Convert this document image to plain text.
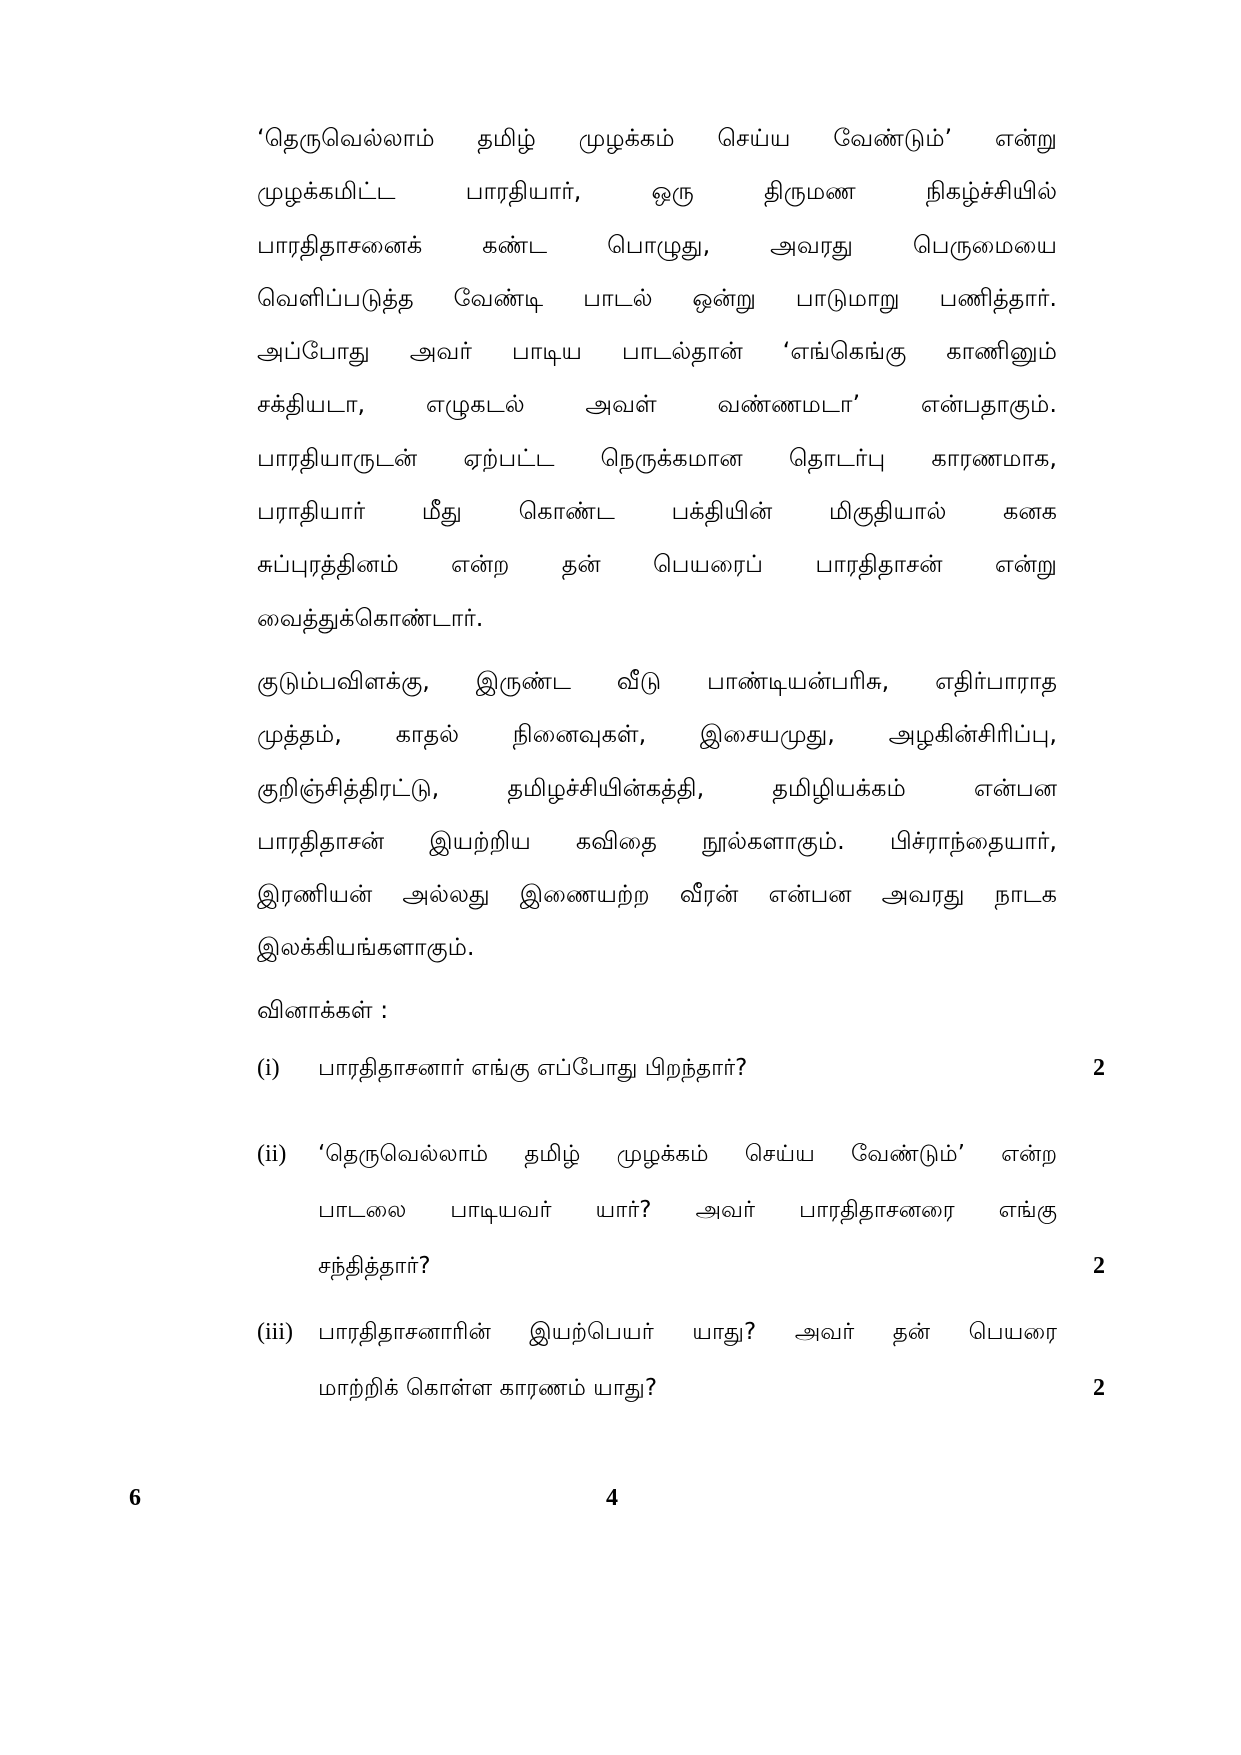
‘தெருவெல்லாம் தமிழ் முழக்கம் செய்ய வேண்டும்’ என்று
முழக்கமிட்ட பாரதியார், ஒரு திருமண நிகழ்ச்சியில்
பாரதிதாசனைக் கண்ட பொழுது, அவரது பெருமையை
வெளிப்படுத்த வேண்டி பாடல் ஒன்று பாடுமாறு பணித்தார்.
அப்போது அவர் பாடிய பாடல்தான் ‘எங்கெங்கு காணினும்
சக்தியடா, எழுகடல் அவள் வண்ணமடா’ என்பதாகும்.
பாரதியாருடன் ஏற்பட்ட நெருக்கமான தொடர்பு காரணமாக,
பராதியார் மீது கொண்ட பக்தியின் மிகுதியால் கனக
சுப்புரத்தினம் என்ற தன் பெயரைப் பாரதிதாசன் என்று
வைத்துக்கொண்டார்.
குடும்பவிளக்கு, இருண்ட வீடு பாண்டியன்பரிசு, எதிர்பாராத
முத்தம், காதல் நினைவுகள், இசையமுது, அழகின்சிரிப்பு,
குறிஞ்சித்திரட்டு, தமிழச்சியின்கத்தி, தமிழியக்கம் என்பன
பாரதிதாசன் இயற்றிய கவிதை நூல்களாகும். பிச்ராந்தையார்,
இரணியன் அல்லது இணையற்ற வீரன் என்பன அவரது நாடக
இலக்கியங்களாகும்.
வினாக்கள் :
(i)	பாரதிதாசனார் எங்கு எப்போது பிறந்தார்?	2
(ii)	‘தெருவெல்லாம் தமிழ் முழக்கம் செய்ய வேண்டும்’ என்ற
பாடலை பாடியவர் யார்? அவர் பாரதிதாசனரை எங்கு
சந்தித்தார்?	2
(iii)	பாரதிதாசனாரின் இயற்பெயர் யாது? அவர் தன் பெயரை
மாற்றிக் கொள்ள காரணம் யாது?	2
6	4
